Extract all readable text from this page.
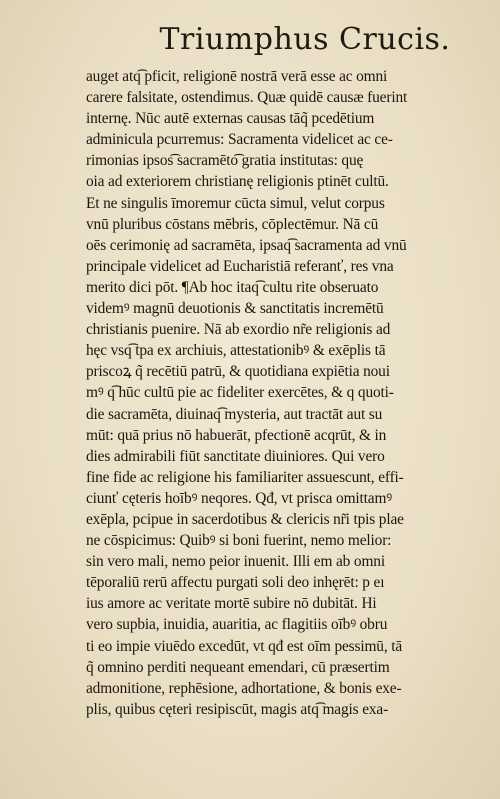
Triumphus Crucis.
auget atq͡ pficit, religionē nostrā verā esse ac omni
carere falsitate, ostendimus. Quæ quidē causæ fuerint
internę. Nūc autē externas causas tāq̃ pcedētium
adminicula pcurremus: Sacramenta videlicet ac ce-
rimonias ipsos͡ sacramēto͡ gratia institutas: quę
oia ad exteriorem christianę religionis ptinēt cultū.
Et ne singulis īmoremur cūcta simul, velut corpus
vnū pluribus cōstans mēbris, cōplectēmur. Nā cū
oēs cerimonię ad sacramēta, ipsaq͡ sacramenta ad vnū
principale videlicet ad Eucharistiā referanť, res vna
merito dici pōt. ¶Ab hoc itaq͡ cultu rite obseruato
videmꝰ magnū deuotionis & sanctitatis incremētū
christianis puenire. Nā ab exordio nr̃e religionis ad
hęc vsq͡ tpa ex archiuis, attestationibꝰ & exēplis tā
priscoꝝ q̃ recētiū patrū, & quotidiana expiētia noui
mꝰ q͡ hūc cultū pie ac fideliter exercētes, & q quoti-
die sacramēta, diuinaq͡ mysteria, aut tractāt aut su
mūt: quā prius nō habuerāt, pfectionē acqrūt, & in
dies admirabili fiūt sanctitate diuiniores. Qui vero
fine fide ac religione his familiariter assuescunt, effi-
ciunť cęteris hoībꝰ neqores. Qđ, vt prisca omittamꝰ
exēpla, pcipue in sacerdotibus & clericis nr̃i tpis plae
ne cōspicimus: Quibꝰ si boni fuerint, nemo melior:
sin vero mali, nemo peior inuenit. Illi em ab omni
tēporaliū rerū affectu purgati soli deo inhęrēt: p eı
ius amore ac veritate mortē subire nō dubitāt. Hi
vero supbia, inuidia, auaritia, ac flagitiis oībꝰ obru
ti eo impie viuēdo excedūt, vt qđ est oīm pessimū, tā
q̃ omnino perditi nequeant emendari, cū præsertim
admonitione, rephēsione, adhortatione, & bonis exe-
plis, quibus cęteri resipiscūt, magis atq͡ magis exa-
